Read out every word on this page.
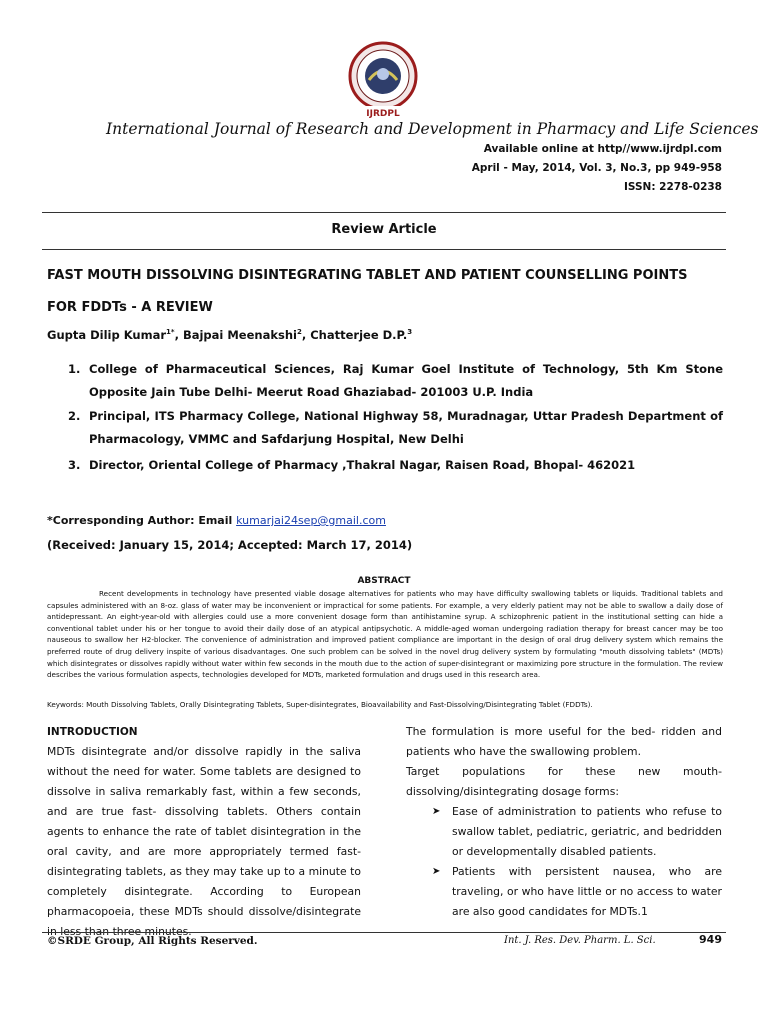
IJRDPL
International Journal of Research and Development in Pharmacy and Life Sciences
Available online at http//www.ijrdpl.com
April - May, 2014, Vol. 3, No.3, pp 949-958
ISSN: 2278-0238
Review Article
FAST MOUTH DISSOLVING DISINTEGRATING TABLET AND PATIENT COUNSELLING POINTS
FOR FDDTs - A REVIEW
Gupta Dilip Kumar$^{1*}$, Bajpai Meenakshi$^2$, Chatterjee D.P.$^3$
1. College of Pharmaceutical Sciences, Raj Kumar Goel Institute of Technology, 5th Km Stone Opposite Jain Tube Delhi- Meerut Road Ghaziabad- 201003 U.P. India
2. Principal, ITS Pharmacy College, National Highway 58, Muradnagar, Uttar Pradesh Department of Pharmacology, VMMC and Safdarjung Hospital, New Delhi
3. Director, Oriental College of Pharmacy ,Thakral Nagar, Raisen Road, Bhopal- 462021
*Corresponding Author: Email kumarjai24sep@gmail.com
(Received: January 15, 2014; Accepted: March 17, 2014)
ABSTRACT

Recent developments in technology have presented viable dosage alternatives for patients who may have difficulty swallowing tablets or liquids. Traditional tablets and capsules administered with an 8-oz. glass of water may be inconvenient or impractical for some patients. For example, a very elderly patient may not be able to swallow a daily dose of antidepressant. An eight-year-old with allergies could use a more convenient dosage form than antihistamine syrup. A schizophrenic patient in the institutional setting can hide a conventional tablet under his or her tongue to avoid their daily dose of an atypical antipsychotic. A middle-aged woman undergoing radiation therapy for breast cancer may be too nauseous to swallow her H2-blocker. The convenience of administration and improved patient compliance are important in the design of oral drug delivery system which remains the preferred route of drug delivery inspite of various disadvantages. One such problem can be solved in the novel drug delivery system by formulating "mouth dissolving tablets" (MDTs) which disintegrates or dissolves rapidly without water within few seconds in the mouth due to the action of super-disintegrant or maximizing pore structure in the formulation. The review describes the various formulation aspects, technologies developed for MDTs, marketed formulation and drugs used in this research area.

Keywords: Mouth Dissolving Tablets, Orally Disintegrating Tablets, Super-disintegrates, Bioavailability and Fast-Dissolving/Disintegrating Tablet (FDDTs).
INTRODUCTION

MDTs disintegrate and/or dissolve rapidly in the saliva without the need for water. Some tablets are designed to dissolve in saliva remarkably fast, within a few seconds, and are true fast- dissolving tablets. Others contain agents to enhance the rate of tablet disintegration in the oral cavity, and are more appropriately termed fast-disintegrating tablets, as they may take up to a minute to completely disintegrate. According to European pharmacopoeia, these MDTs should dissolve/disintegrate in less than three minutes.

The formulation is more useful for the bed- ridden and patients who have the swallowing problem.

Target populations for these new mouth-dissolving/disintegrating dosage forms:

➤ Ease of administration to patients who refuse to swallow tablet, pediatric, geriatric, and bedridden or developmentally disabled patients.
➤ Patients with persistent nausea, who are traveling, or who have little or no access to water are also good candidates for MDTs.1
©SRDE Group, All Rights Reserved.	Int. J. Res. Dev. Pharm. L. Sci.	949
